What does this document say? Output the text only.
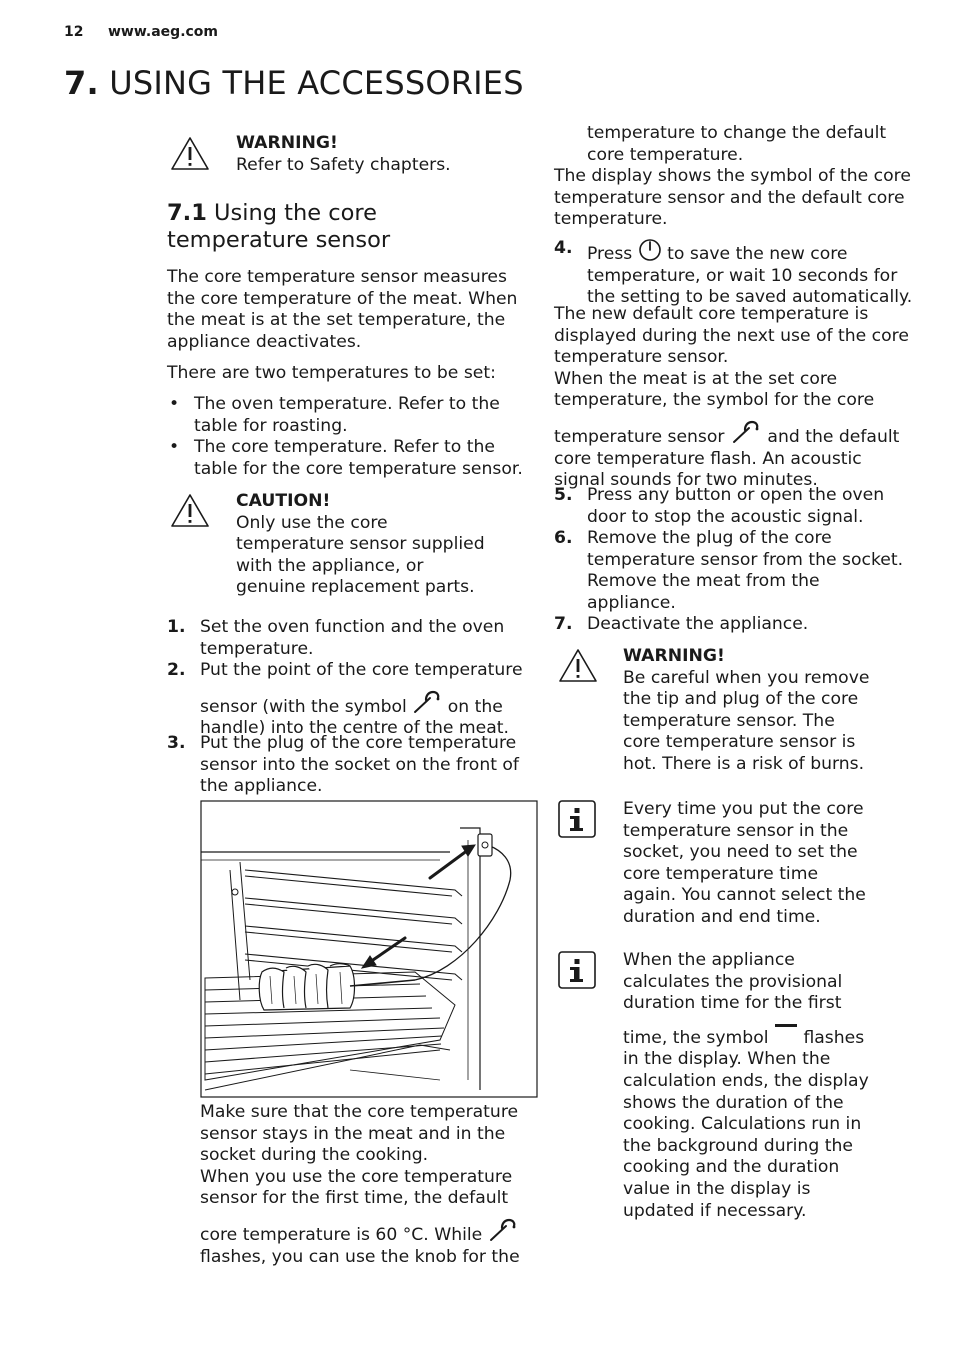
12 www.aeg.com
7. USING THE ACCESSORIES
WARNING!
Refer to Safety chapters.
7.1 Using the core
temperature sensor
The core temperature sensor measures
the core temperature of the meat. When
the meat is at the set temperature, the
appliance deactivates.
There are two temperatures to be set:
• The oven temperature. Refer to the
table for roasting.
• The core temperature. Refer to the
table for the core temperature sensor.
CAUTION!
Only use the core
temperature sensor supplied
with the appliance, or
genuine replacement parts.
1. Set the oven function and the oven
temperature.
2. Put the point of the core temperature
sensor (with the symbol on the
handle) into the centre of the meat.
3. Put the plug of the core temperature
sensor into the socket on the front of
the appliance.
Make sure that the core temperature
sensor stays in the meat and in the
socket during the cooking.
When you use the core temperature
sensor for the first time, the default
core temperature is 60 °C. While
flashes, you can use the knob for the
temperature to change the default
core temperature.
The display shows the symbol of the core
temperature sensor and the default core
temperature.
4. Press to save the new core
temperature, or wait 10 seconds for
the setting to be saved automatically.
The new default core temperature is
displayed during the next use of the core
temperature sensor.
When the meat is at the set core
temperature, the symbol for the core
temperature sensor and the default
core temperature flash. An acoustic
signal sounds for two minutes.
5. Press any button or open the oven
door to stop the acoustic signal.
6. Remove the plug of the core
temperature sensor from the socket.
Remove the meat from the
appliance.
7. Deactivate the appliance.
WARNING!
Be careful when you remove
the tip and plug of the core
temperature sensor. The
core temperature sensor is
hot. There is a risk of burns.
Every time you put the core
temperature sensor in the
socket, you need to set the
core temperature time
again. You cannot select the
duration and end time.
When the appliance
calculates the provisional
duration time for the first
time, the symbol flashes
in the display. When the
calculation ends, the display
shows the duration of the
cooking. Calculations run in
the background during the
cooking and the duration
value in the display is
updated if necessary.
